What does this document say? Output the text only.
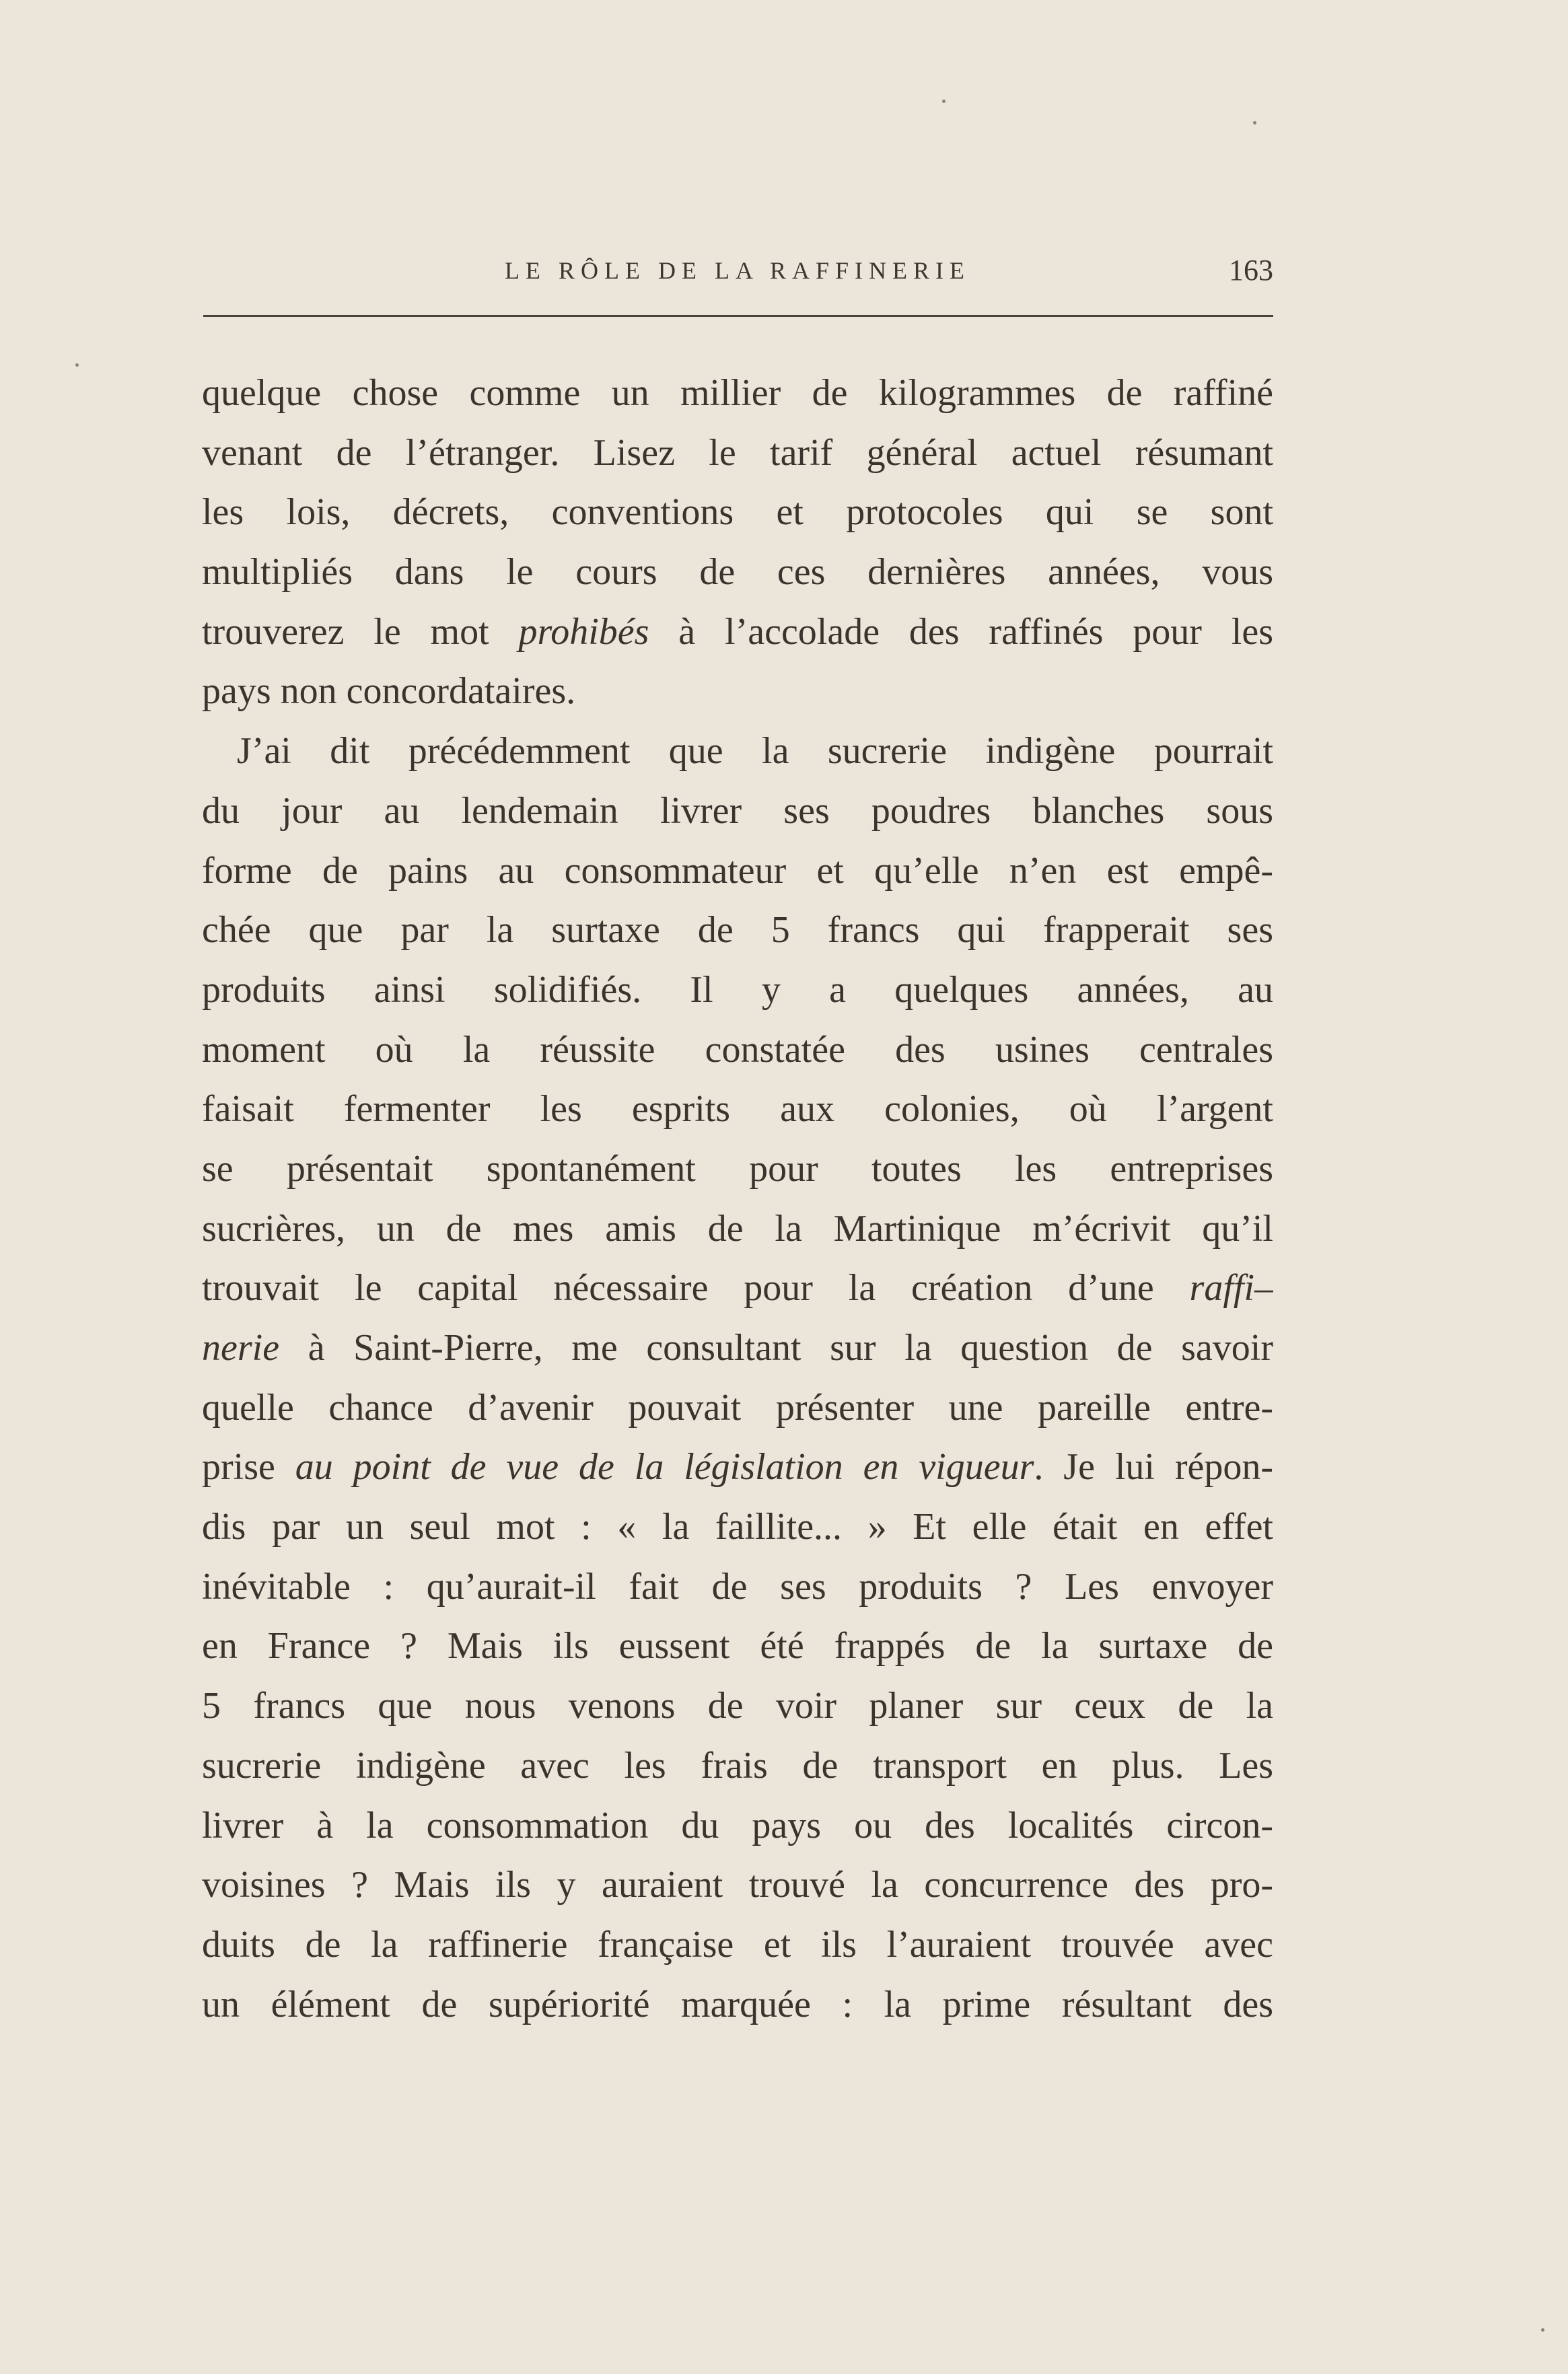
LE RÔLE DE LA RAFFINERIE	163
quelque chose comme un millier de kilogrammes de raffiné
venant de l’étranger. Lisez le tarif général actuel résumant
les lois, décrets, conventions et protocoles qui se sont
multipliés dans le cours de ces dernières années, vous
trouverez le mot prohibés à l’accolade des raffinés pour les
pays non concordataires.
J’ai dit précédemment que la sucrerie indigène pourrait
du jour au lendemain livrer ses poudres blanches sous
forme de pains au consommateur et qu’elle n’en est empê-
chée que par la surtaxe de 5 francs qui frapperait ses
produits ainsi solidifiés. Il y a quelques années, au
moment où la réussite constatée des usines centrales
faisait fermenter les esprits aux colonies, où l’argent
se présentait spontanément pour toutes les entreprises
sucrières, un de mes amis de la Martinique m’écrivit qu’il
trouvait le capital nécessaire pour la création d’une raffi–
nerie à Saint-Pierre, me consultant sur la question de savoir
quelle chance d’avenir pouvait présenter une pareille entre-
prise au point de vue de la législation en vigueur. Je lui répon-
dis par un seul mot : « la faillite... » Et elle était en effet
inévitable : qu’aurait-il fait de ses produits ? Les envoyer
en France ? Mais ils eussent été frappés de la surtaxe de
5 francs que nous venons de voir planer sur ceux de la
sucrerie indigène avec les frais de transport en plus. Les
livrer à la consommation du pays ou des localités circon-
voisines ? Mais ils y auraient trouvé la concurrence des pro-
duits de la raffinerie française et ils l’auraient trouvée avec
un élément de supériorité marquée : la prime résultant des
